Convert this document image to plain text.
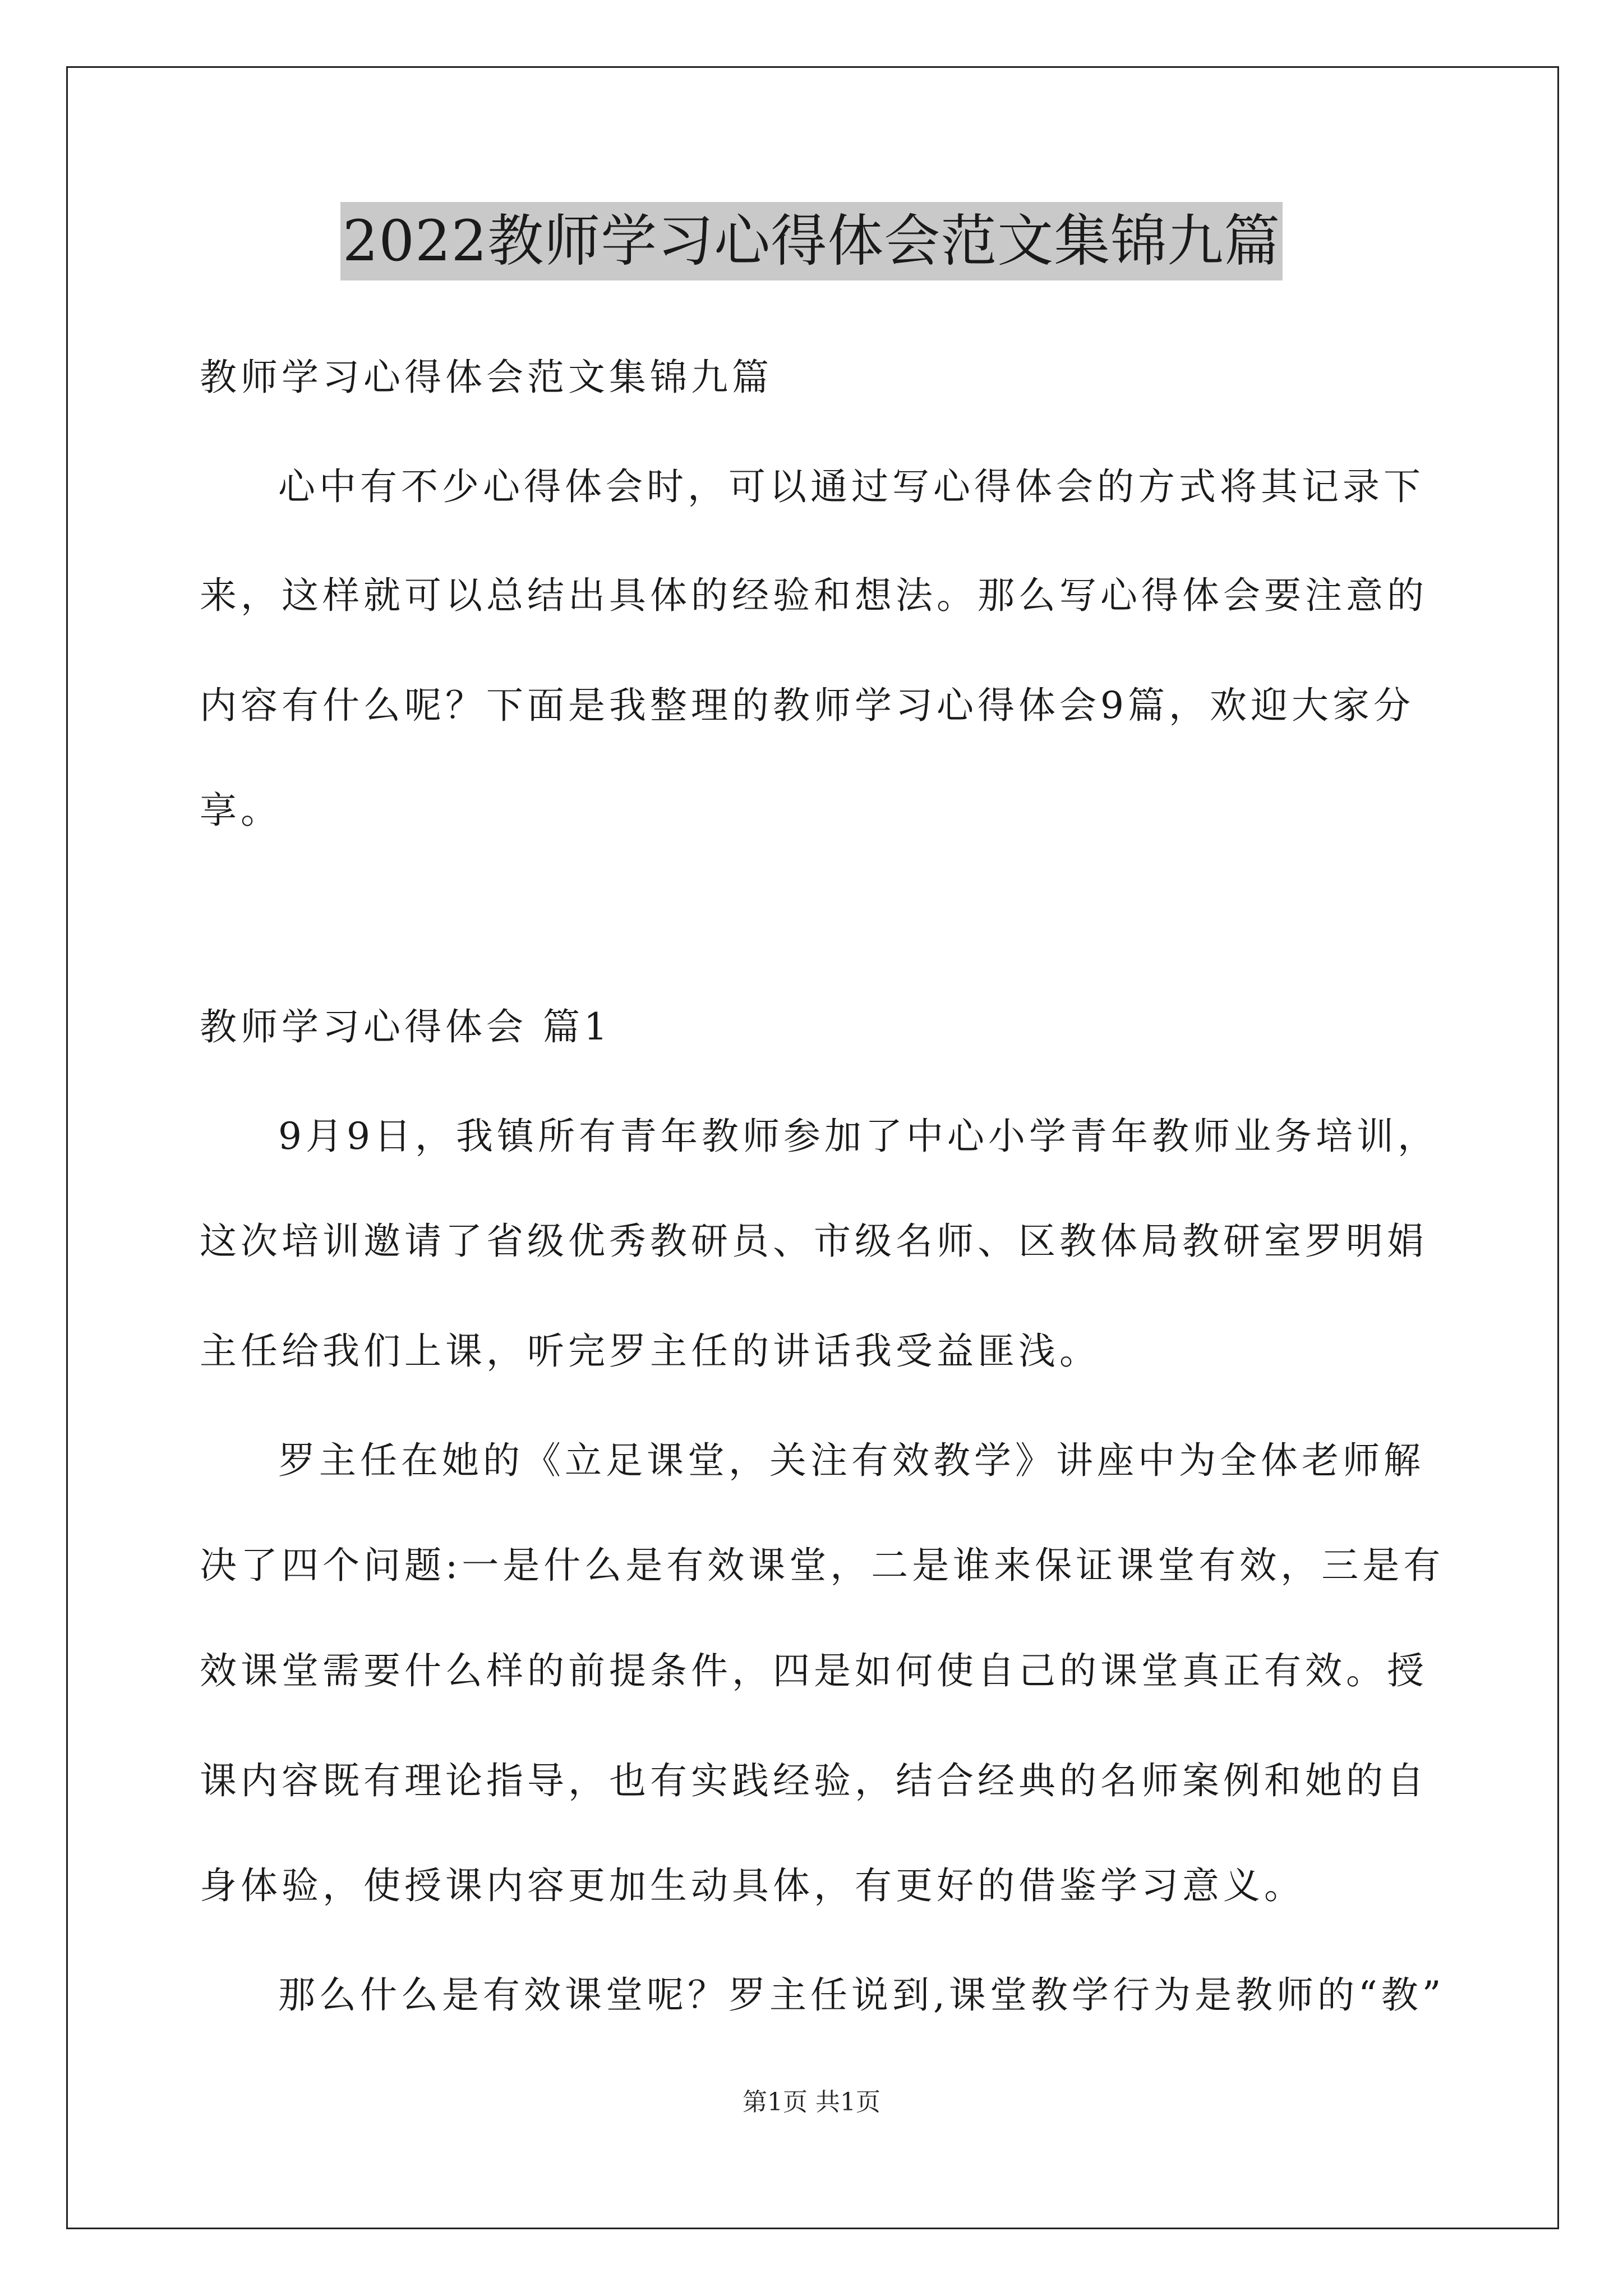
2022教师学习心得体会范文集锦九篇
教师学习心得体会范文集锦九篇
心中有不少心得体会时，可以通过写心得体会的方式将其记录下
来，这样就可以总结出具体的经验和想法。那么写心得体会要注意的
内容有什么呢？下面是我整理的教师学习心得体会9篇，欢迎大家分
享。
教师学习心得体会 篇1
9月9日，我镇所有青年教师参加了中心小学青年教师业务培训，
这次培训邀请了省级优秀教研员、市级名师、区教体局教研室罗明娟
主任给我们上课，听完罗主任的讲话我受益匪浅。
罗主任在她的《立足课堂，关注有效教学》讲座中为全体老师解
决了四个问题:一是什么是有效课堂，二是谁来保证课堂有效，三是有
效课堂需要什么样的前提条件，四是如何使自己的课堂真正有效。授
课内容既有理论指导，也有实践经验，结合经典的名师案例和她的自
身体验，使授课内容更加生动具体，有更好的借鉴学习意义。
那么什么是有效课堂呢？罗主任说到,课堂教学行为是教师的“教”
第1页 共1页
